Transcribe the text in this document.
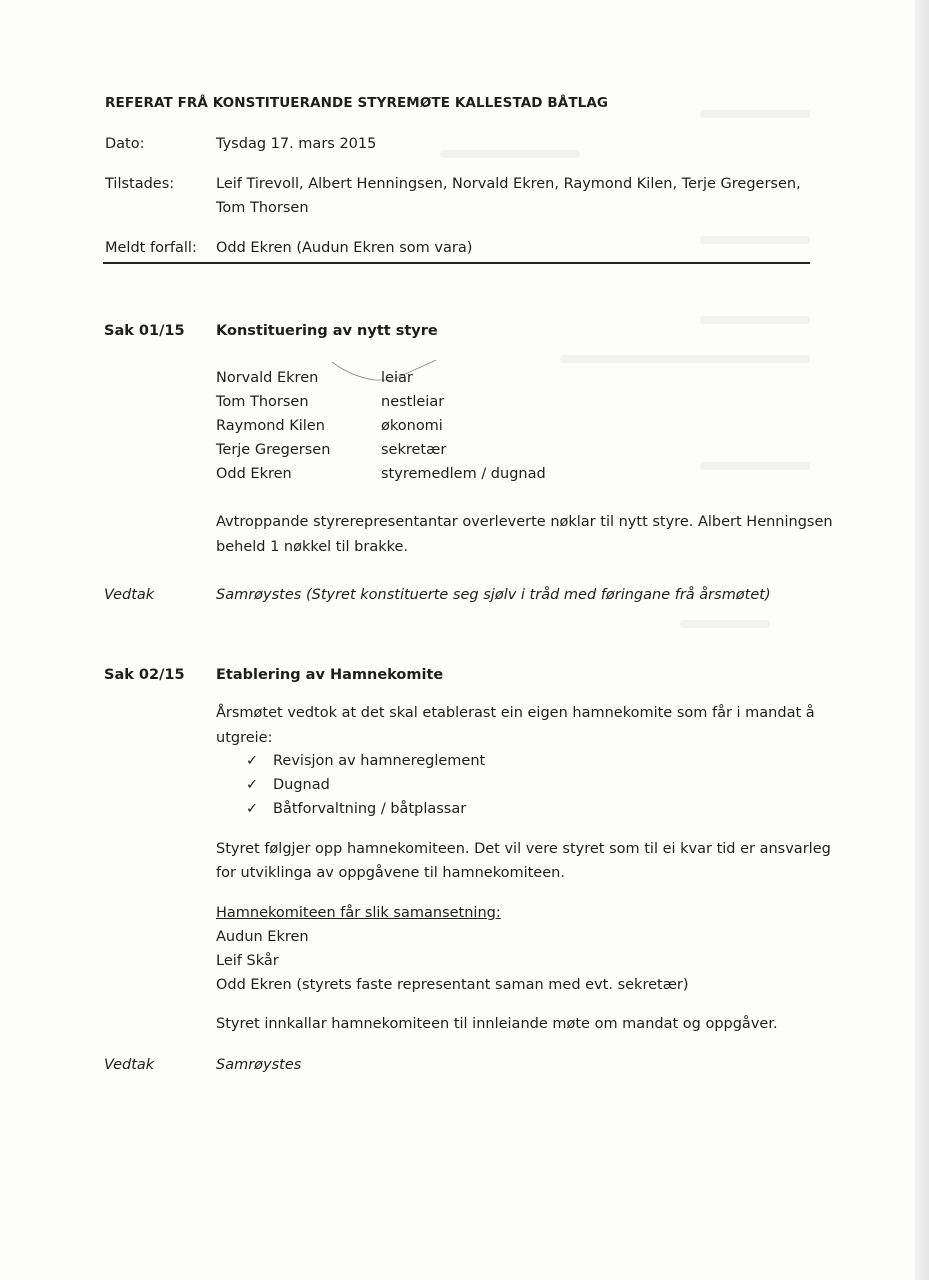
REFERAT FRÅ KONSTITUERANDE STYREMØTE KALLESTAD BÅTLAG
Dato:	Tysdag 17. mars 2015
Tilstades:	Leif Tirevoll, Albert Henningsen, Norvald Ekren, Raymond Kilen, Terje Gregersen,
Tom Thorsen
Meldt forfall: Odd Ekren (Audun Ekren som vara)
Sak 01/15 Konstituering av nytt styre
Norvald Ekren	leiar
Tom Thorsen	nestleiar
Raymond Kilen	økonomi
Terje Gregersen	sekretær
Odd Ekren	styremedlem / dugnad
Avtroppande styrerepresentantar overleverte nøklar til nytt styre. Albert Henningsen
beheld 1 nøkkel til brakke.
Vedtak	Samrøystes (Styret konstituerte seg sjølv i tråd med føringane frå årsmøtet)
Sak 02/15 Etablering av Hamnekomite
Årsmøtet vedtok at det skal etablerast ein eigen hamnekomite som får i mandat å
utgreie:
✓ Revisjon av hamnereglement
✓ Dugnad
✓ Båtforvaltning / båtplassar
Styret følgjer opp hamnekomiteen. Det vil vere styret som til ei kvar tid er ansvarleg
for utviklinga av oppgåvene til hamnekomiteen.
Hamnekomiteen får slik samansetning:
Audun Ekren
Leif Skår
Odd Ekren (styrets faste representant saman med evt. sekretær)
Styret innkallar hamnekomiteen til innleiande møte om mandat og oppgåver.
Vedtak	Samrøystes
